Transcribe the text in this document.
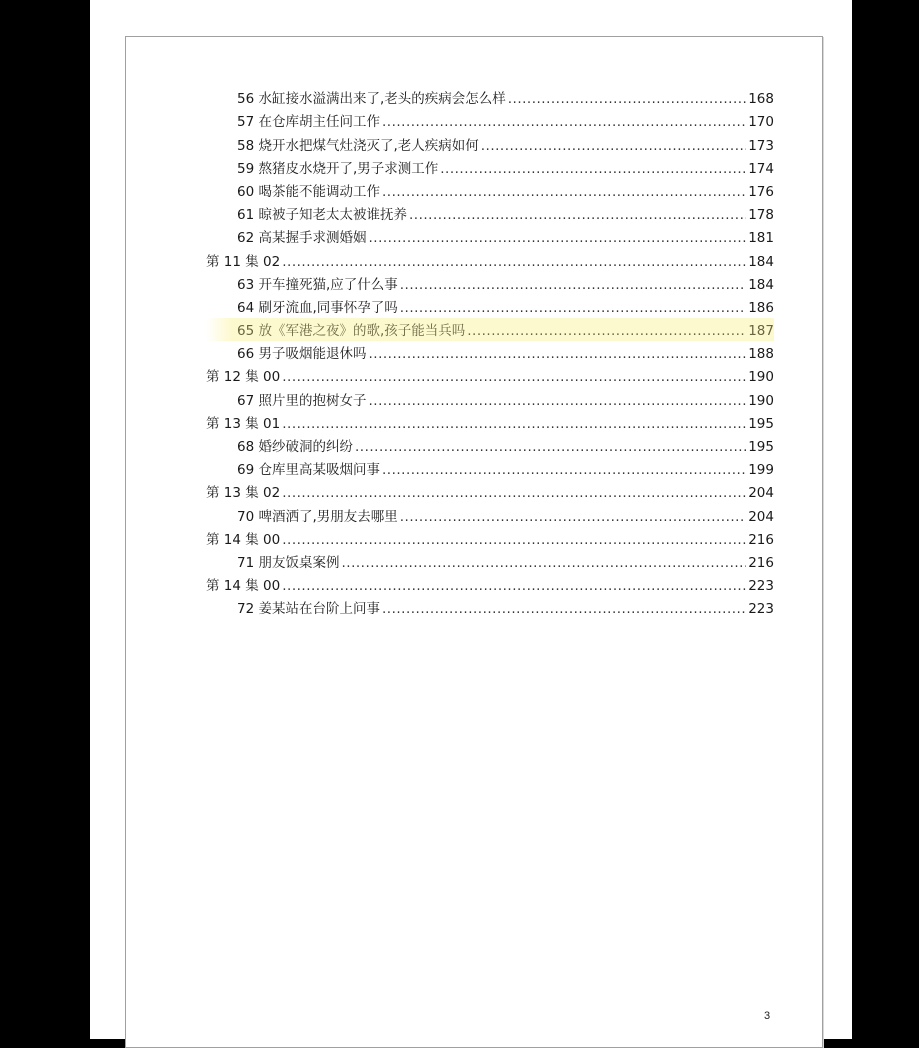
56 水缸接水溢满出来了,老头的疾病会怎么样 .....	168
57 在仓库胡主任问工作 .....	170
58 烧开水把煤气灶浇灭了,老人疾病如何 .....	173
59 熬猪皮水烧开了,男子求测工作 .....	174
60 喝茶能不能调动工作 .....	176
61 晾被子知老太太被谁抚养 .....	178
62 高某握手求测婚姻 .....	181
第 11 集 02 .....	184
63 开车撞死猫,应了什么事 .....	184
64 刷牙流血,同事怀孕了吗 .....	186
65 放《军港之夜》的歌,孩子能当兵吗 .....	187
66 男子吸烟能退休吗 .....	188
第 12 集 00 .....	190
67 照片里的抱树女子 .....	190
第 13 集 01 .....	195
68 婚纱破洞的纠纷 .....	195
69 仓库里高某吸烟问事 .....	199
第 13 集 02 .....	204
70 啤酒洒了,男朋友去哪里 .....	204
第 14 集 00 .....	216
71 朋友饭桌案例 .....	216
第 14 集 00 .....	223
72 姜某站在台阶上问事 .....	223
3
